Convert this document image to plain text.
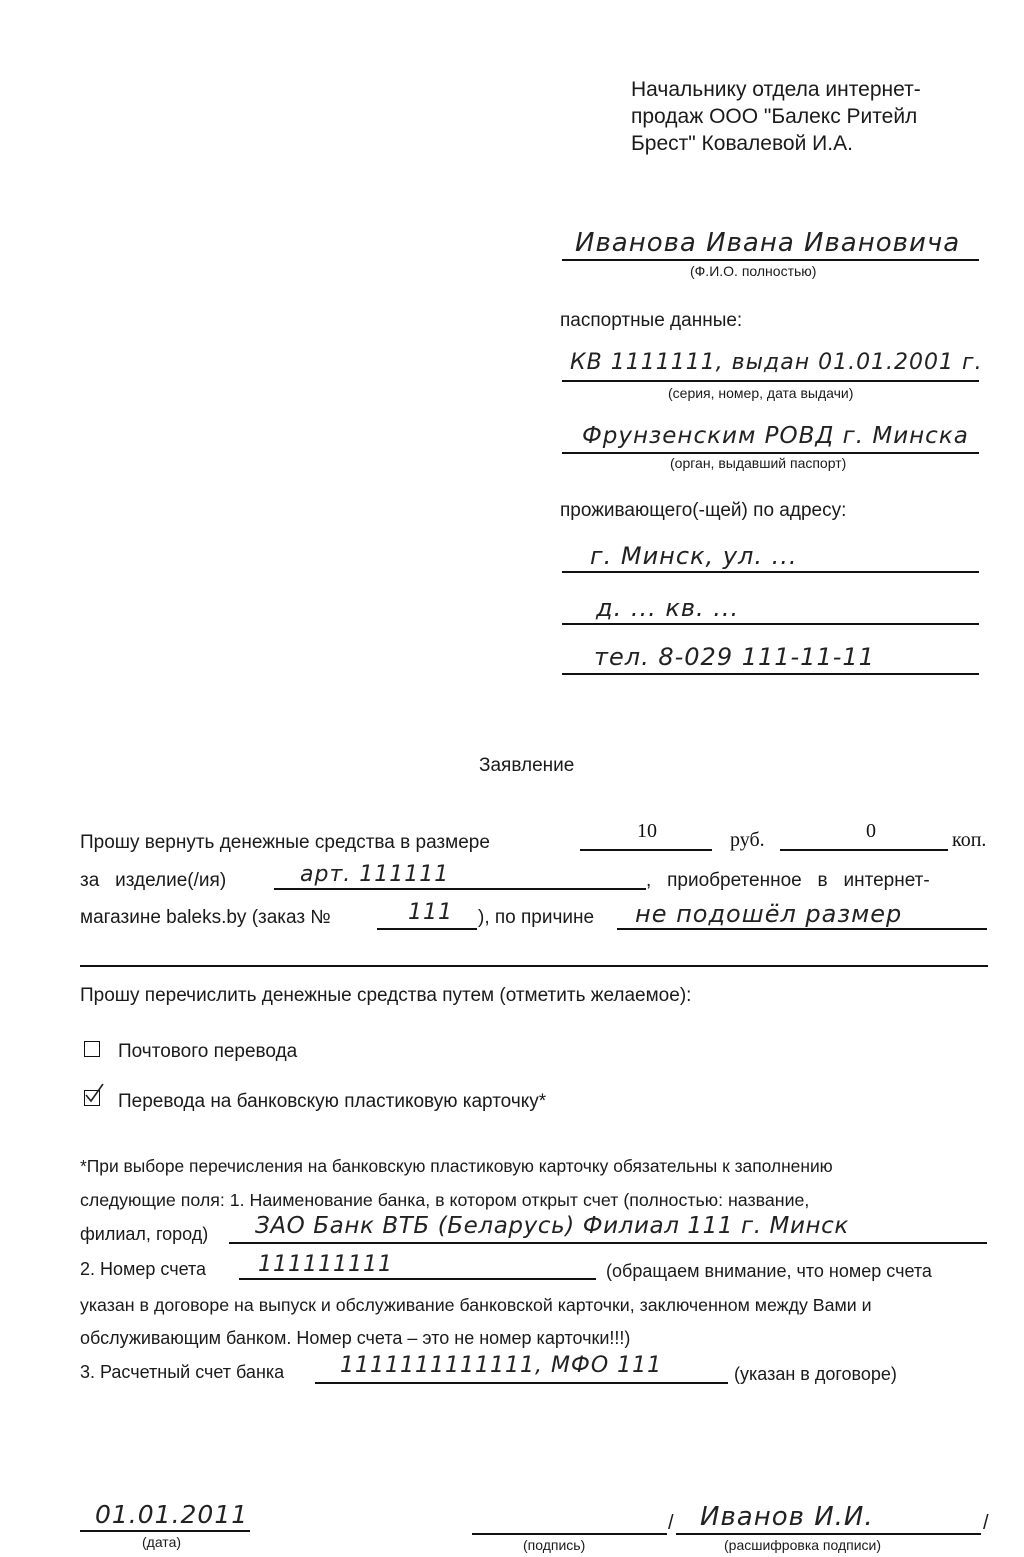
Начальнику отдела интернет-
продаж ООО "Балекс Ритейл
Брест" Ковалевой И.А.
Иванова Ивана Ивановича
(Ф.И.О. полностью)
паспортные данные:
КВ 1111111, выдан 01.01.2001 г.
(серия, номер, дата выдачи)
Фрунзенским РОВД г. Минска
(орган, выдавший паспорт)
проживающего(-щей) по адресу:
г. Минск, ул. ...
д. ... кв. ...
тел. 8-029 111-11-11
Заявление
Прошу вернуть денежные средства в размере
10	руб.	0	коп.
за   изделие(/ия)	арт. 111111	,   приобретенное   в   интернет-
магазине baleks.by (заказ №	111 ), по причине не подошёл размер
Прошу перечислить денежные средства путем (отметить желаемое):
Почтового перевода
Перевода на банковскую пластиковую карточку*
*При выборе перечисления на банковскую пластиковую карточку обязательны к заполнению
следующие поля: 1. Наименование банка, в котором открыт счет (полностью: название,
филиал, город) ЗАО Банк ВТБ (Беларусь) Филиал 111 г. Минск
2. Номер счета 111111111	(обращаем внимание, что номер счета
указан в договоре на выпуск и обслуживание банковской карточки, заключенном между Вами и
обслуживающим банком. Номер счета – это не номер карточки!!!)
3. Расчетный счет банка	1111111111111, МФО 111	(указан в договоре)
01.01.2011
(дата)
/
(подпись)
Иванов И.И.	/
(расшифровка подписи)
